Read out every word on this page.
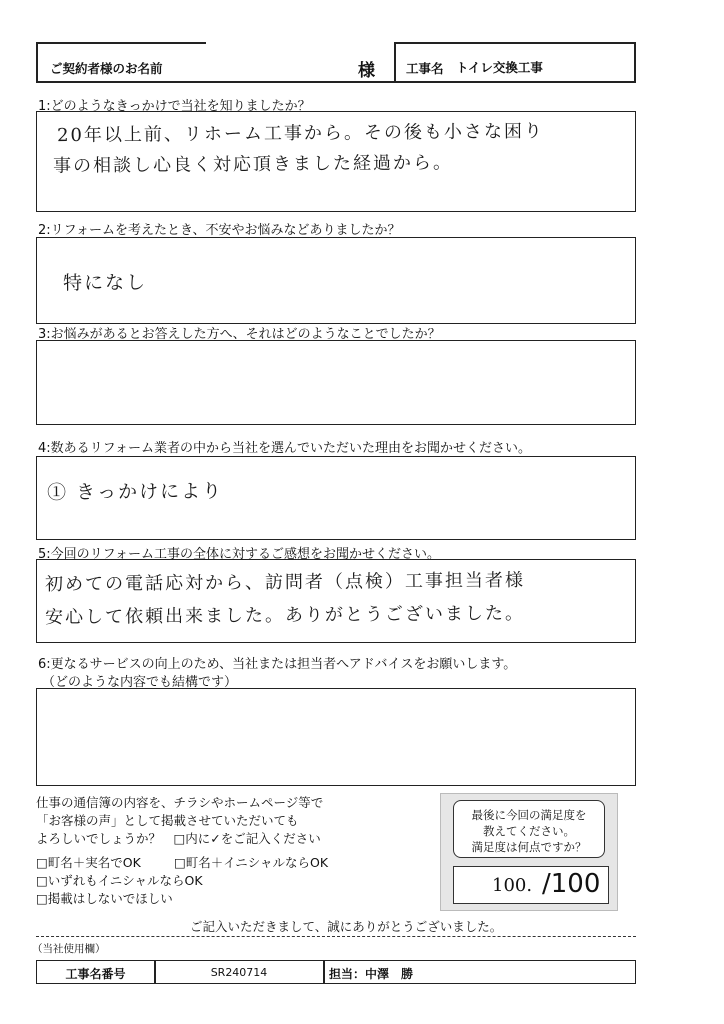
ご契約者様のお名前	様 工事名 トイレ交換工事
1:どのようなきっかけで当社を知りましたか？
20年以上前、リホーム工事から。その後も小さな困り
事の相談し心良く対応頂きました経過から。
2:リフォームを考えたとき、不安やお悩みなどありましたか？
特になし
3:お悩みがあるとお答えした方へ、それはどのようなことでしたか？
4:数あるリフォーム業者の中から当社を選んでいただいた理由をお聞かせください。
① きっかけにより
5:今回のリフォーム工事の全体に対するご感想をお聞かせください。
初めての電話応対から、訪問者（点検）工事担当者様
安心して依頼出来ました。ありがとうございました。
6:更なるサービスの向上のため、当社または担当者へアドバイスをお願いします。
（どのような内容でも結構です）
仕事の通信簿の内容を、チラシやホームページ等で
「お客様の声」として掲載させていただいても
よろしいでしょうか？　□内に✓をご記入ください
□町名＋実名でOK	□町名＋イニシャルならOK
□いずれもイニシャルならOK
□掲載はしないでほしい
最後に今回の満足度を
教えてください。
満足度は何点ですか？
100. /100
ご記入いただきまして、誠にありがとうございました。
（当社使用欄）
工事名番号	SR240714	担当：中澤　勝
